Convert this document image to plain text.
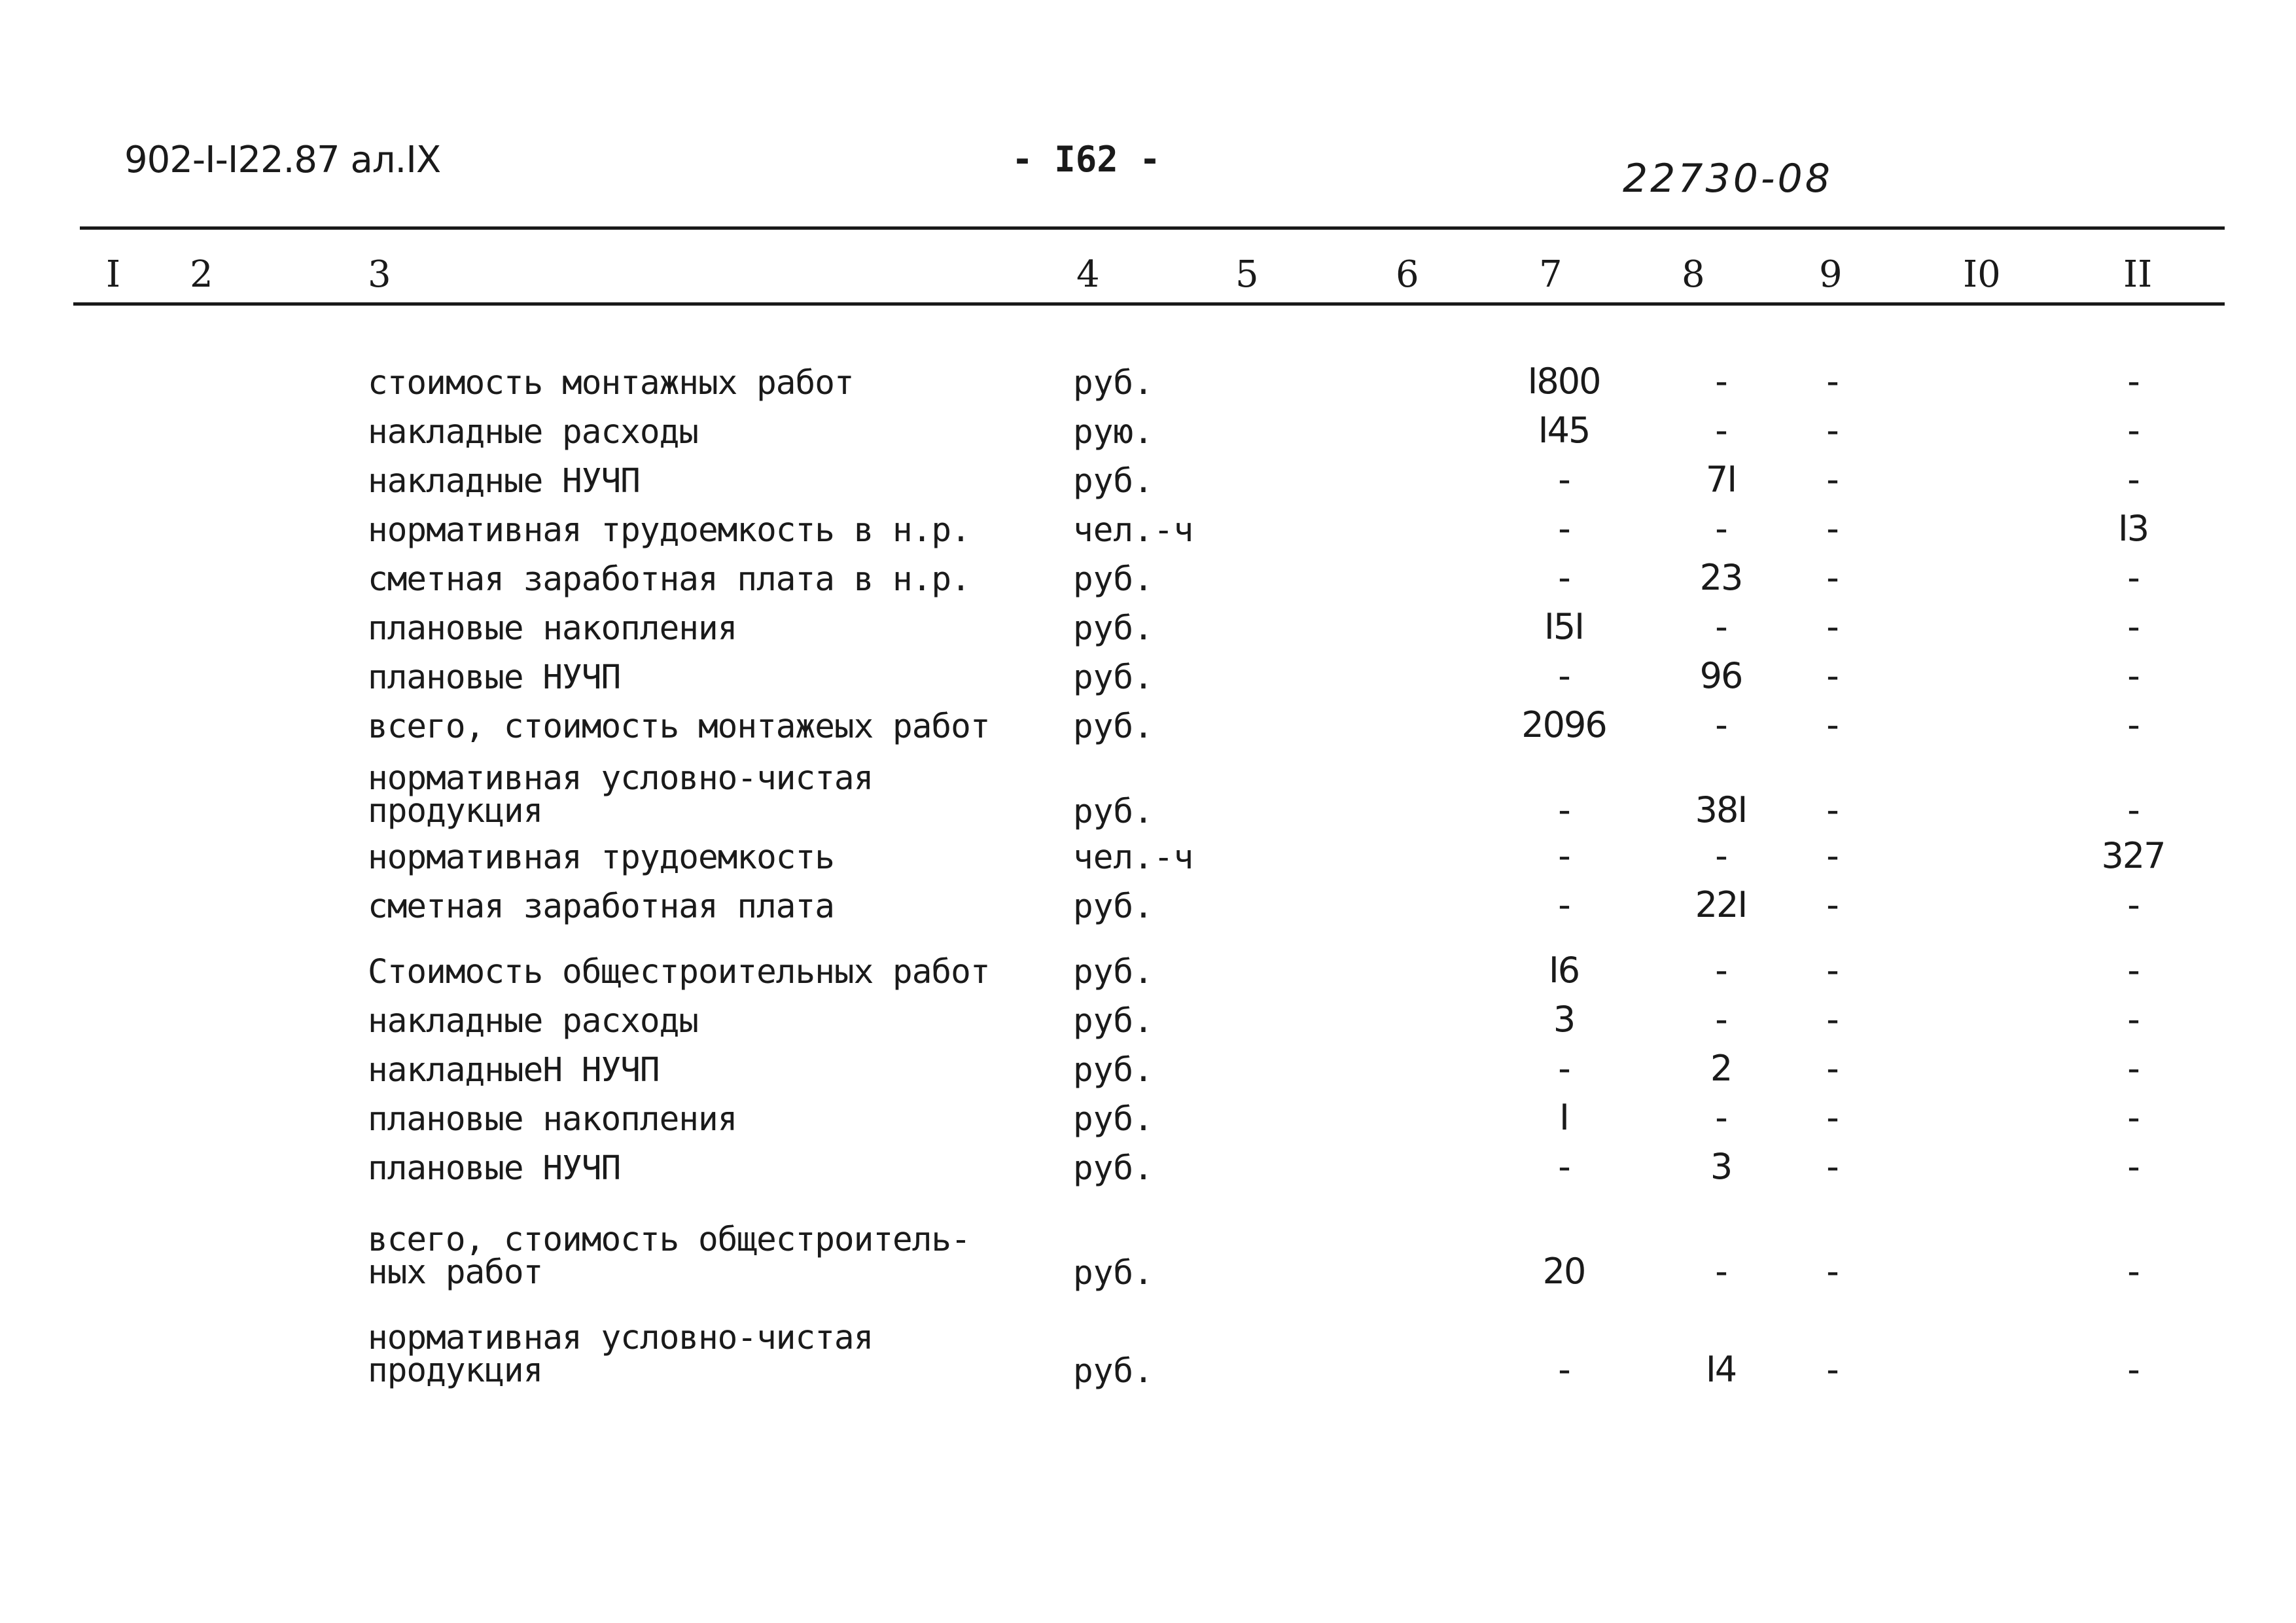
902-I-I22.87 ал.IX	- I62 -	22730-08
I 2	3	4	5	6	7	8	9	I0	II
стоимость монтажных работ	руб.	I800	-	-	-
накладные расходы	рую.	I45	-	-	-
накладные НУЧП	руб.	-	7I	-	-
нормативная трудоемкость в н.р.	чел.-ч	-	-	-	I3
сметная заработная плата в н.р.	руб.	-	23	-	-
плановые накопления	руб.	I5I	-	-	-
плановые НУЧП	руб.	-	96	-	-
всего, стоимость монтажеых работ руб.	2096	-	-	-
нормативная условно-чистая
продукция	руб.	-	38I	-	-
нормативная трудоемкость	чел.-ч	-	-	-	327
сметная заработная плата	руб.	-	22I	-	-
Стоимость общестроительных работ руб.	I6	-	-	-
накладные расходы	руб.	3	-	-	-
накладныеН НУЧП	руб.	-	2	-	-
плановые накопления	руб.	I	-	-	-
плановые НУЧП	руб.	-	3	-	-
всего, стоимость общестроитель-
ных работ	руб.	20	-	-	-
нормативная условно-чистая
продукция	руб.	-	I4	-	-
